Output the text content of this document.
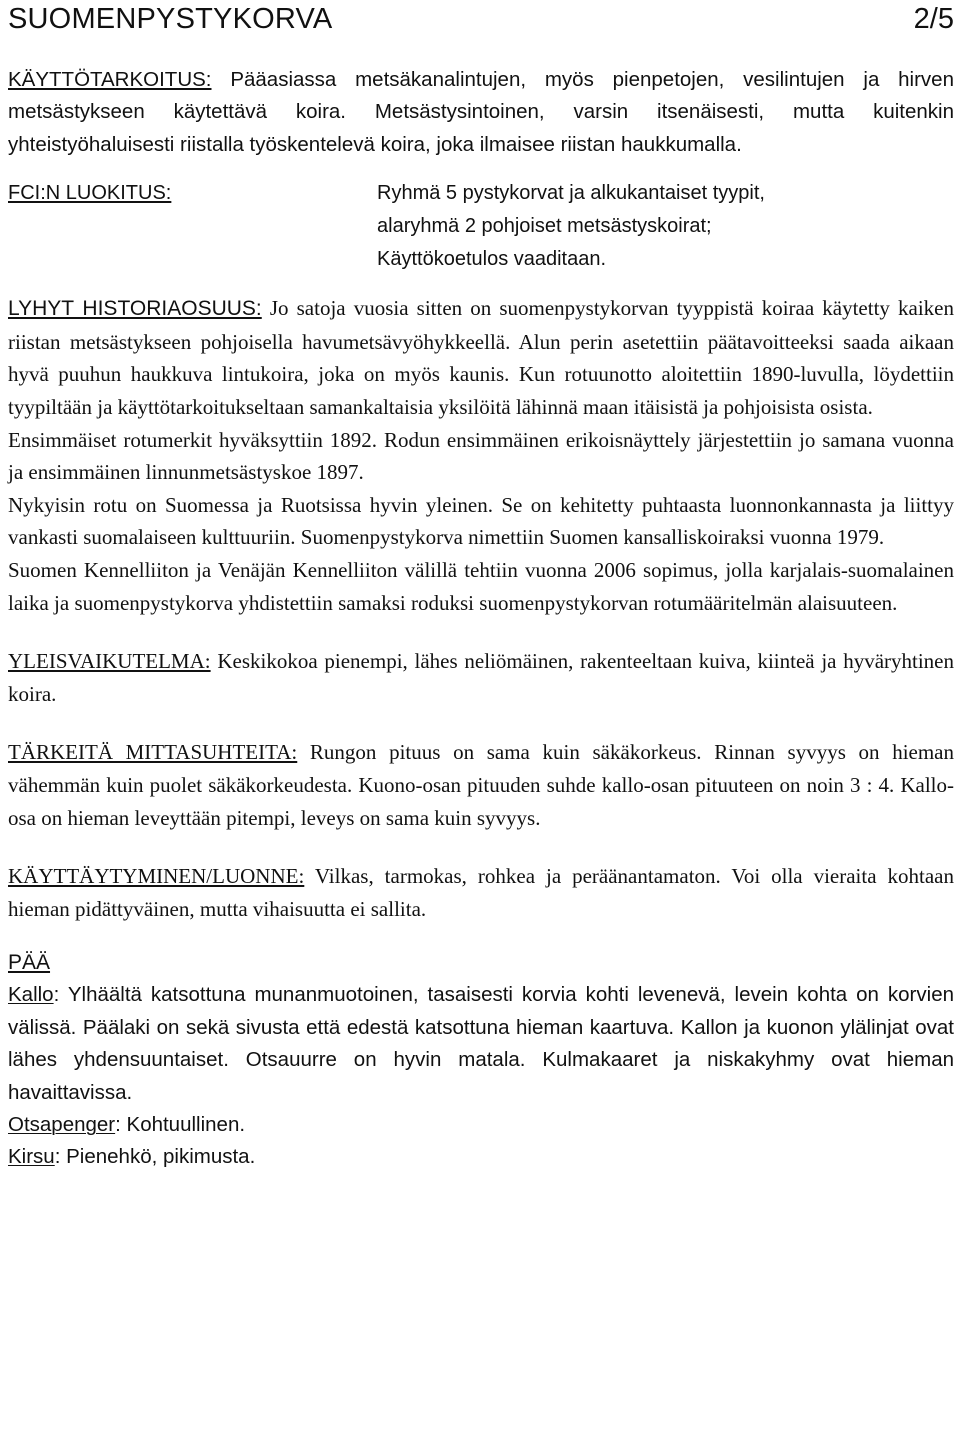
SUOMENPYSTYKORVA	2/5

KÄYTTÖTARKOITUS: Pääasiassa metsäkanalintujen, myös pienpetojen, vesilintujen ja hirven metsästykseen käytettävä koira. Metsästysintoinen, varsin itsenäisesti, mutta kuitenkin yhteistyöhaluisesti riistalla työskentelevä koira, joka ilmaisee riistan haukkumalla.

FCI:N LUOKITUS:	Ryhmä 5 pystykorvat ja alkukantaiset tyypit,
alaryhmä 2 pohjoiset metsästyskoirat;
Käyttökoetulos vaaditaan.

LYHYT HISTORIAOSUUS: Jo satoja vuosia sitten on suomenpystykorvan tyyppistä koiraa käytetty kaiken riistan metsästykseen pohjoisella havumetsävyöhykkeellä. Alun perin asetettiin päätavoitteeksi saada aikaan hyvä puuhun haukkuva lintukoira, joka on myös kaunis. Kun rotuunotto aloitettiin 1890-luvulla, löydettiin tyypiltään ja käyttötarkoitukseltaan samankaltaisia yksilöitä lähinnä maan itäisistä ja pohjoisista osista.

Ensimmäiset rotumerkit hyväksyttiin 1892. Rodun ensimmäinen erikoisnäyttely järjestettiin jo samana vuonna ja ensimmäinen linnunmetsästyskoe 1897.

Nykyisin rotu on Suomessa ja Ruotsissa hyvin yleinen. Se on kehitetty puhtaasta luonnonkannasta ja liittyy vankasti suomalaiseen kulttuuriin. Suomenpystykorva nimettiin Suomen kansalliskoiraksi vuonna 1979.

Suomen Kennelliiton ja Venäjän Kennelliiton välillä tehtiin vuonna 2006 sopimus, jolla karjalais-suomalainen laika ja suomenpystykorva yhdistettiin samaksi roduksi suomenpystykorvan rotumääritelmän alaisuuteen.

YLEISVAIKUTELMA: Keskikokoa pienempi, lähes neliömäinen, rakenteeltaan kuiva, kiinteä ja hyväryhtinen koira.

TÄRKEITÄ MITTASUHTEITA: Rungon pituus on sama kuin säkäkorkeus. Rinnan syvyys on hieman vähemmän kuin puolet säkäkorkeudesta. Kuono-osan pituuden suhde kallo-osan pituuteen on noin 3 : 4. Kallo-osa on hieman leveyttään pitempi, leveys on sama kuin syvyys.

KÄYTTÄYTYMINEN/LUONNE: Vilkas, tarmokas, rohkea ja peräänantamaton. Voi olla vieraita kohtaan hieman pidättyväinen, mutta vihaisuutta ei sallita.

PÄÄ

Kallo: Ylhäältä katsottuna munanmuotoinen, tasaisesti korvia kohti levenevä, levein kohta on korvien välissä. Päälaki on sekä sivusta että edestä katsottuna hieman kaartuva. Kallon ja kuonon ylälinjat ovat lähes yhdensuuntaiset. Otsauurre on hyvin matala. Kulmakaaret ja niskakyhmy ovat hieman havaittavissa.

Otsapenger: Kohtuullinen.

Kirsu: Pienehkö, pikimusta.
